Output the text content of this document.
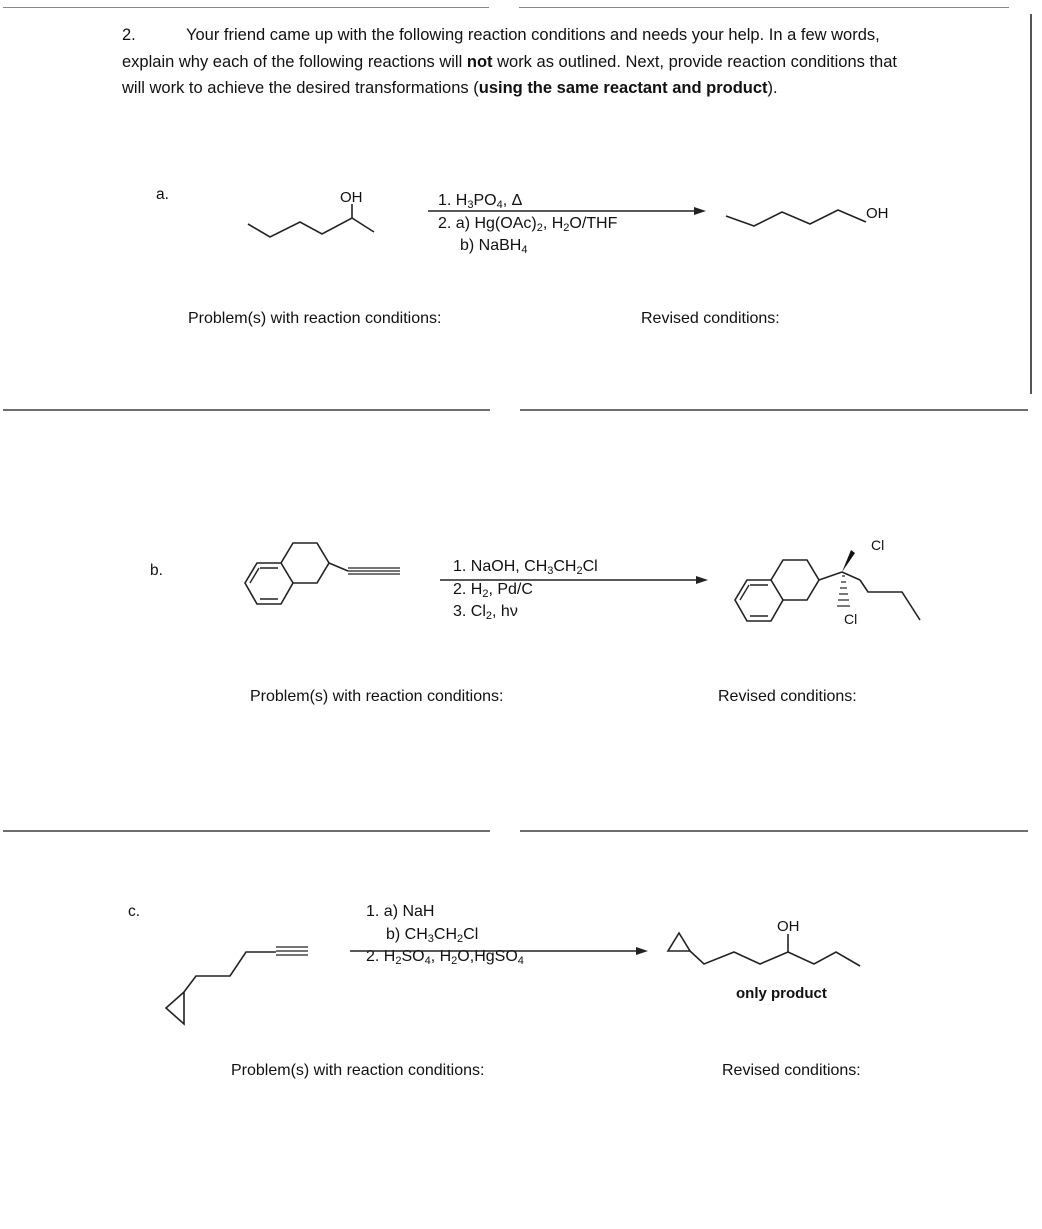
2.	Your friend came up with the following reaction conditions and needs your help. In a few words, explain why each of the following reactions will not work as outlined. Next, provide reaction conditions that will work to achieve the desired transformations (using the same reactant and product).
a.	OH	1. $H_3PO_4$, Δ
2. a) $Hg(OAc)_2$, $H_2O$/THF
b) NaBH$_4$
OH
Problem(s) with reaction conditions:	Revised conditions:
b.	1. NaOH, $CH_3CH_2Cl$
2. $H_2$, Pd/C
3. $Cl_2$, hν
Cl
Cl
Problem(s) with reaction conditions:	Revised conditions:
c.	1. a) NaH
b) $CH_3CH_2Cl$
2. $H_2SO_4$, $H_2O,HgSO_4$
OH
only product
Problem(s) with reaction conditions:	Revised conditions:
